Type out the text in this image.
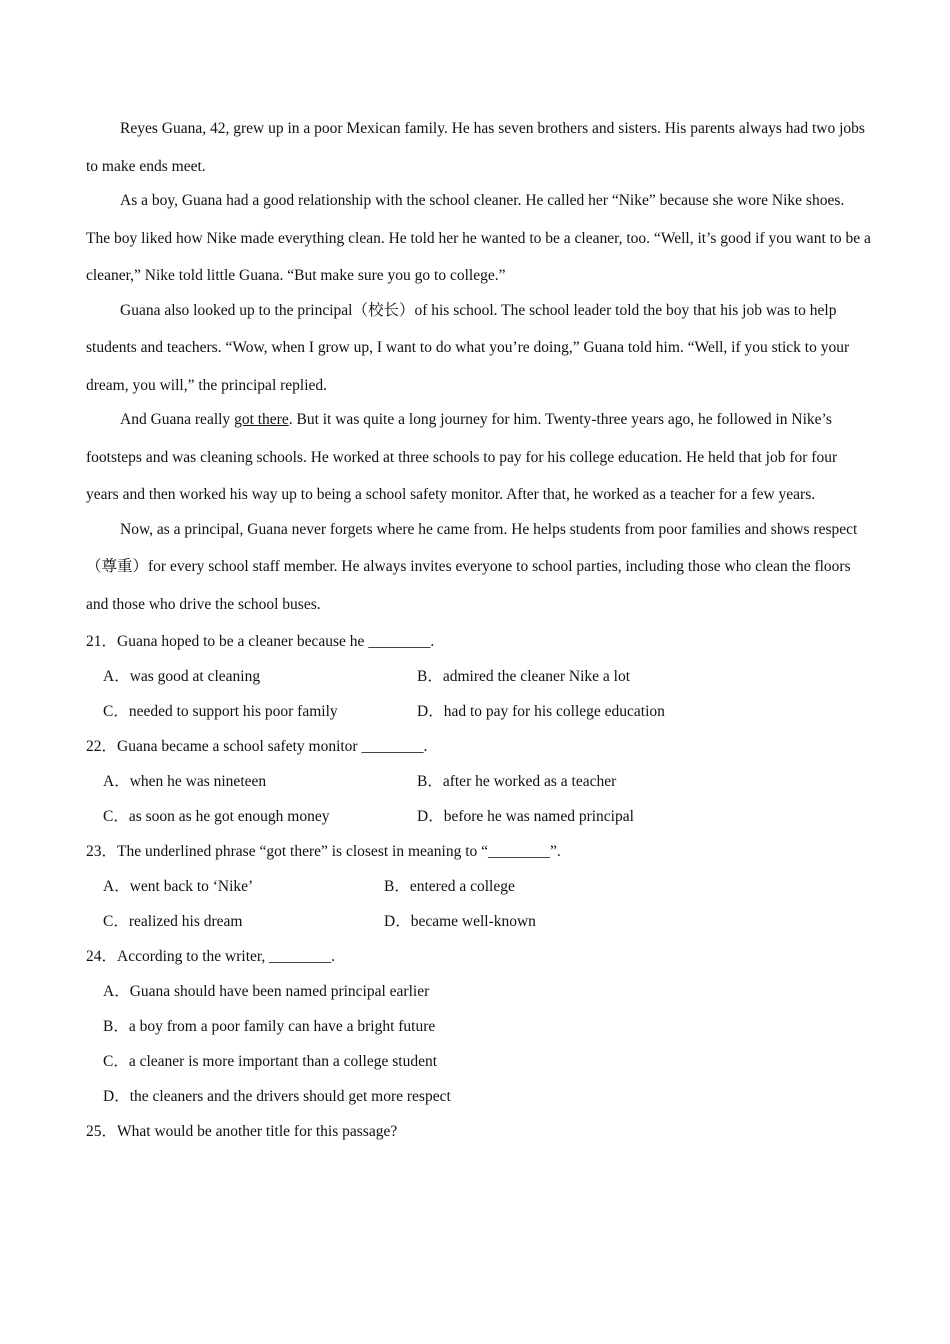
Reyes Guana, 42, grew up in a poor Mexican family. He has seven brothers and sisters. His parents always had two jobs to make ends meet.

As a boy, Guana had a good relationship with the school cleaner. He called her “Nike” because she wore Nike shoes. The boy liked how Nike made everything clean. He told her he wanted to be a cleaner, too. “Well, it’s good if you want to be a cleaner,” Nike told little Guana. “But make sure you go to college.”

Guana also looked up to the principal（校长）of his school. The school leader told the boy that his job was to help students and teachers. “Wow, when I grow up, I want to do what you’re doing,” Guana told him. “Well, if you stick to your dream, you will,” the principal replied.

And Guana really got there. But it was quite a long journey for him. Twenty-three years ago, he followed in Nike’s footsteps and was cleaning schools. He worked at three schools to pay for his college education. He held that job for four years and then worked his way up to being a school safety monitor. After that, he worked as a teacher for a few years.

Now, as a principal, Guana never forgets where he came from. He helps students from poor families and shows respect（尊重）for every school staff member. He always invites everyone to school parties, including those who clean the floors and those who drive the school buses.

21．Guana hoped to be a cleaner because he ________.
A．was good at cleaning	B．admired the cleaner Nike a lot
C．needed to support his poor family	D．had to pay for his college education
22．Guana became a school safety monitor ________.
A．when he was nineteen	B．after he worked as a teacher
C．as soon as he got enough money	D．before he was named principal
23．The underlined phrase “got there” is closest in meaning to “________”.
A．went back to ‘Nike’	B．entered a college
C．realized his dream	D．became well-known
24．According to the writer, ________.
A．Guana should have been named principal earlier
B．a boy from a poor family can have a bright future
C．a cleaner is more important than a college student
D．the cleaners and the drivers should get more respect
25．What would be another title for this passage?
